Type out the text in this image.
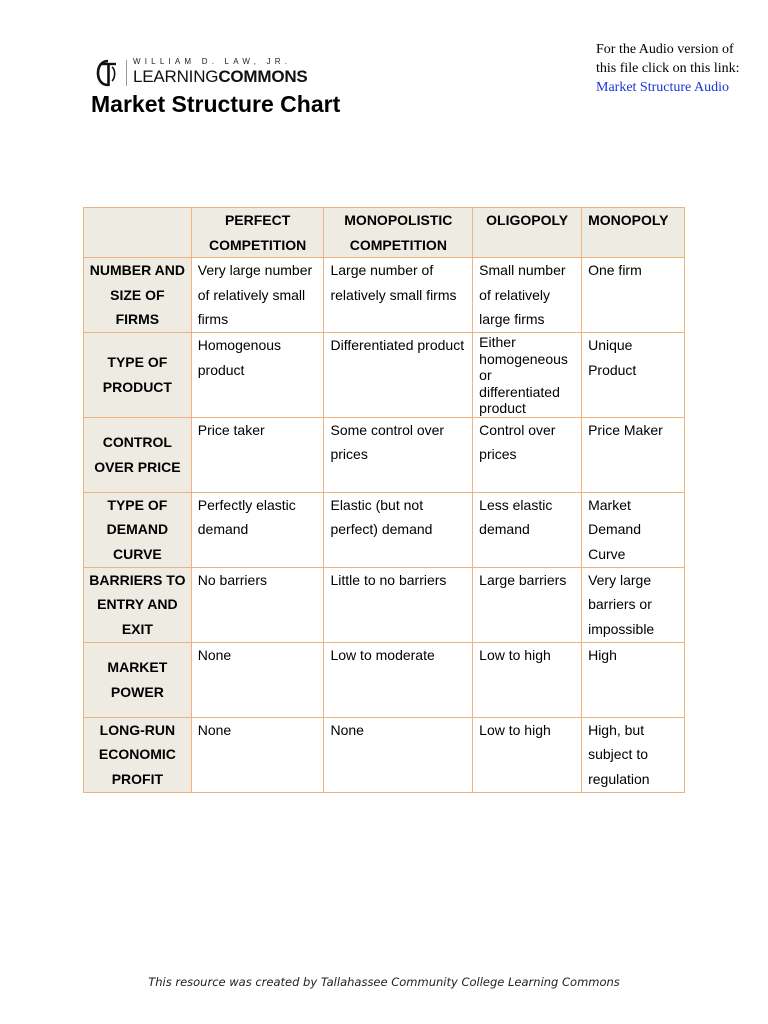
WILLIAM D. LAW, JR.
LEARNINGCOMMONS
Market Structure Chart
For the Audio version of
this file click on this link:
Market Structure Audio
	PERFECT COMPETITION	MONOPOLISTIC COMPETITION	OLIGOPOLY	MONOPOLY
NUMBER AND SIZE OF FIRMS	Very large number of relatively small firms	Large number of relatively small firms	Small number of relatively large firms	One firm
TYPE OF PRODUCT	Homogenous product	Differentiated product	Either homogeneous or differentiated product	Unique Product
CONTROL OVER PRICE	Price taker	Some control over prices	Control over prices	Price Maker
TYPE OF DEMAND CURVE	Perfectly elastic demand	Elastic (but not perfect) demand	Less elastic demand	Market Demand Curve
BARRIERS TO ENTRY AND EXIT	No barriers	Little to no barriers	Large barriers	Very large barriers or impossible
MARKET POWER	None	Low to moderate	Low to high	High
LONG-RUN ECONOMIC PROFIT	None	None	Low to high	High, but subject to regulation
This resource was created by Tallahassee Community College Learning Commons
